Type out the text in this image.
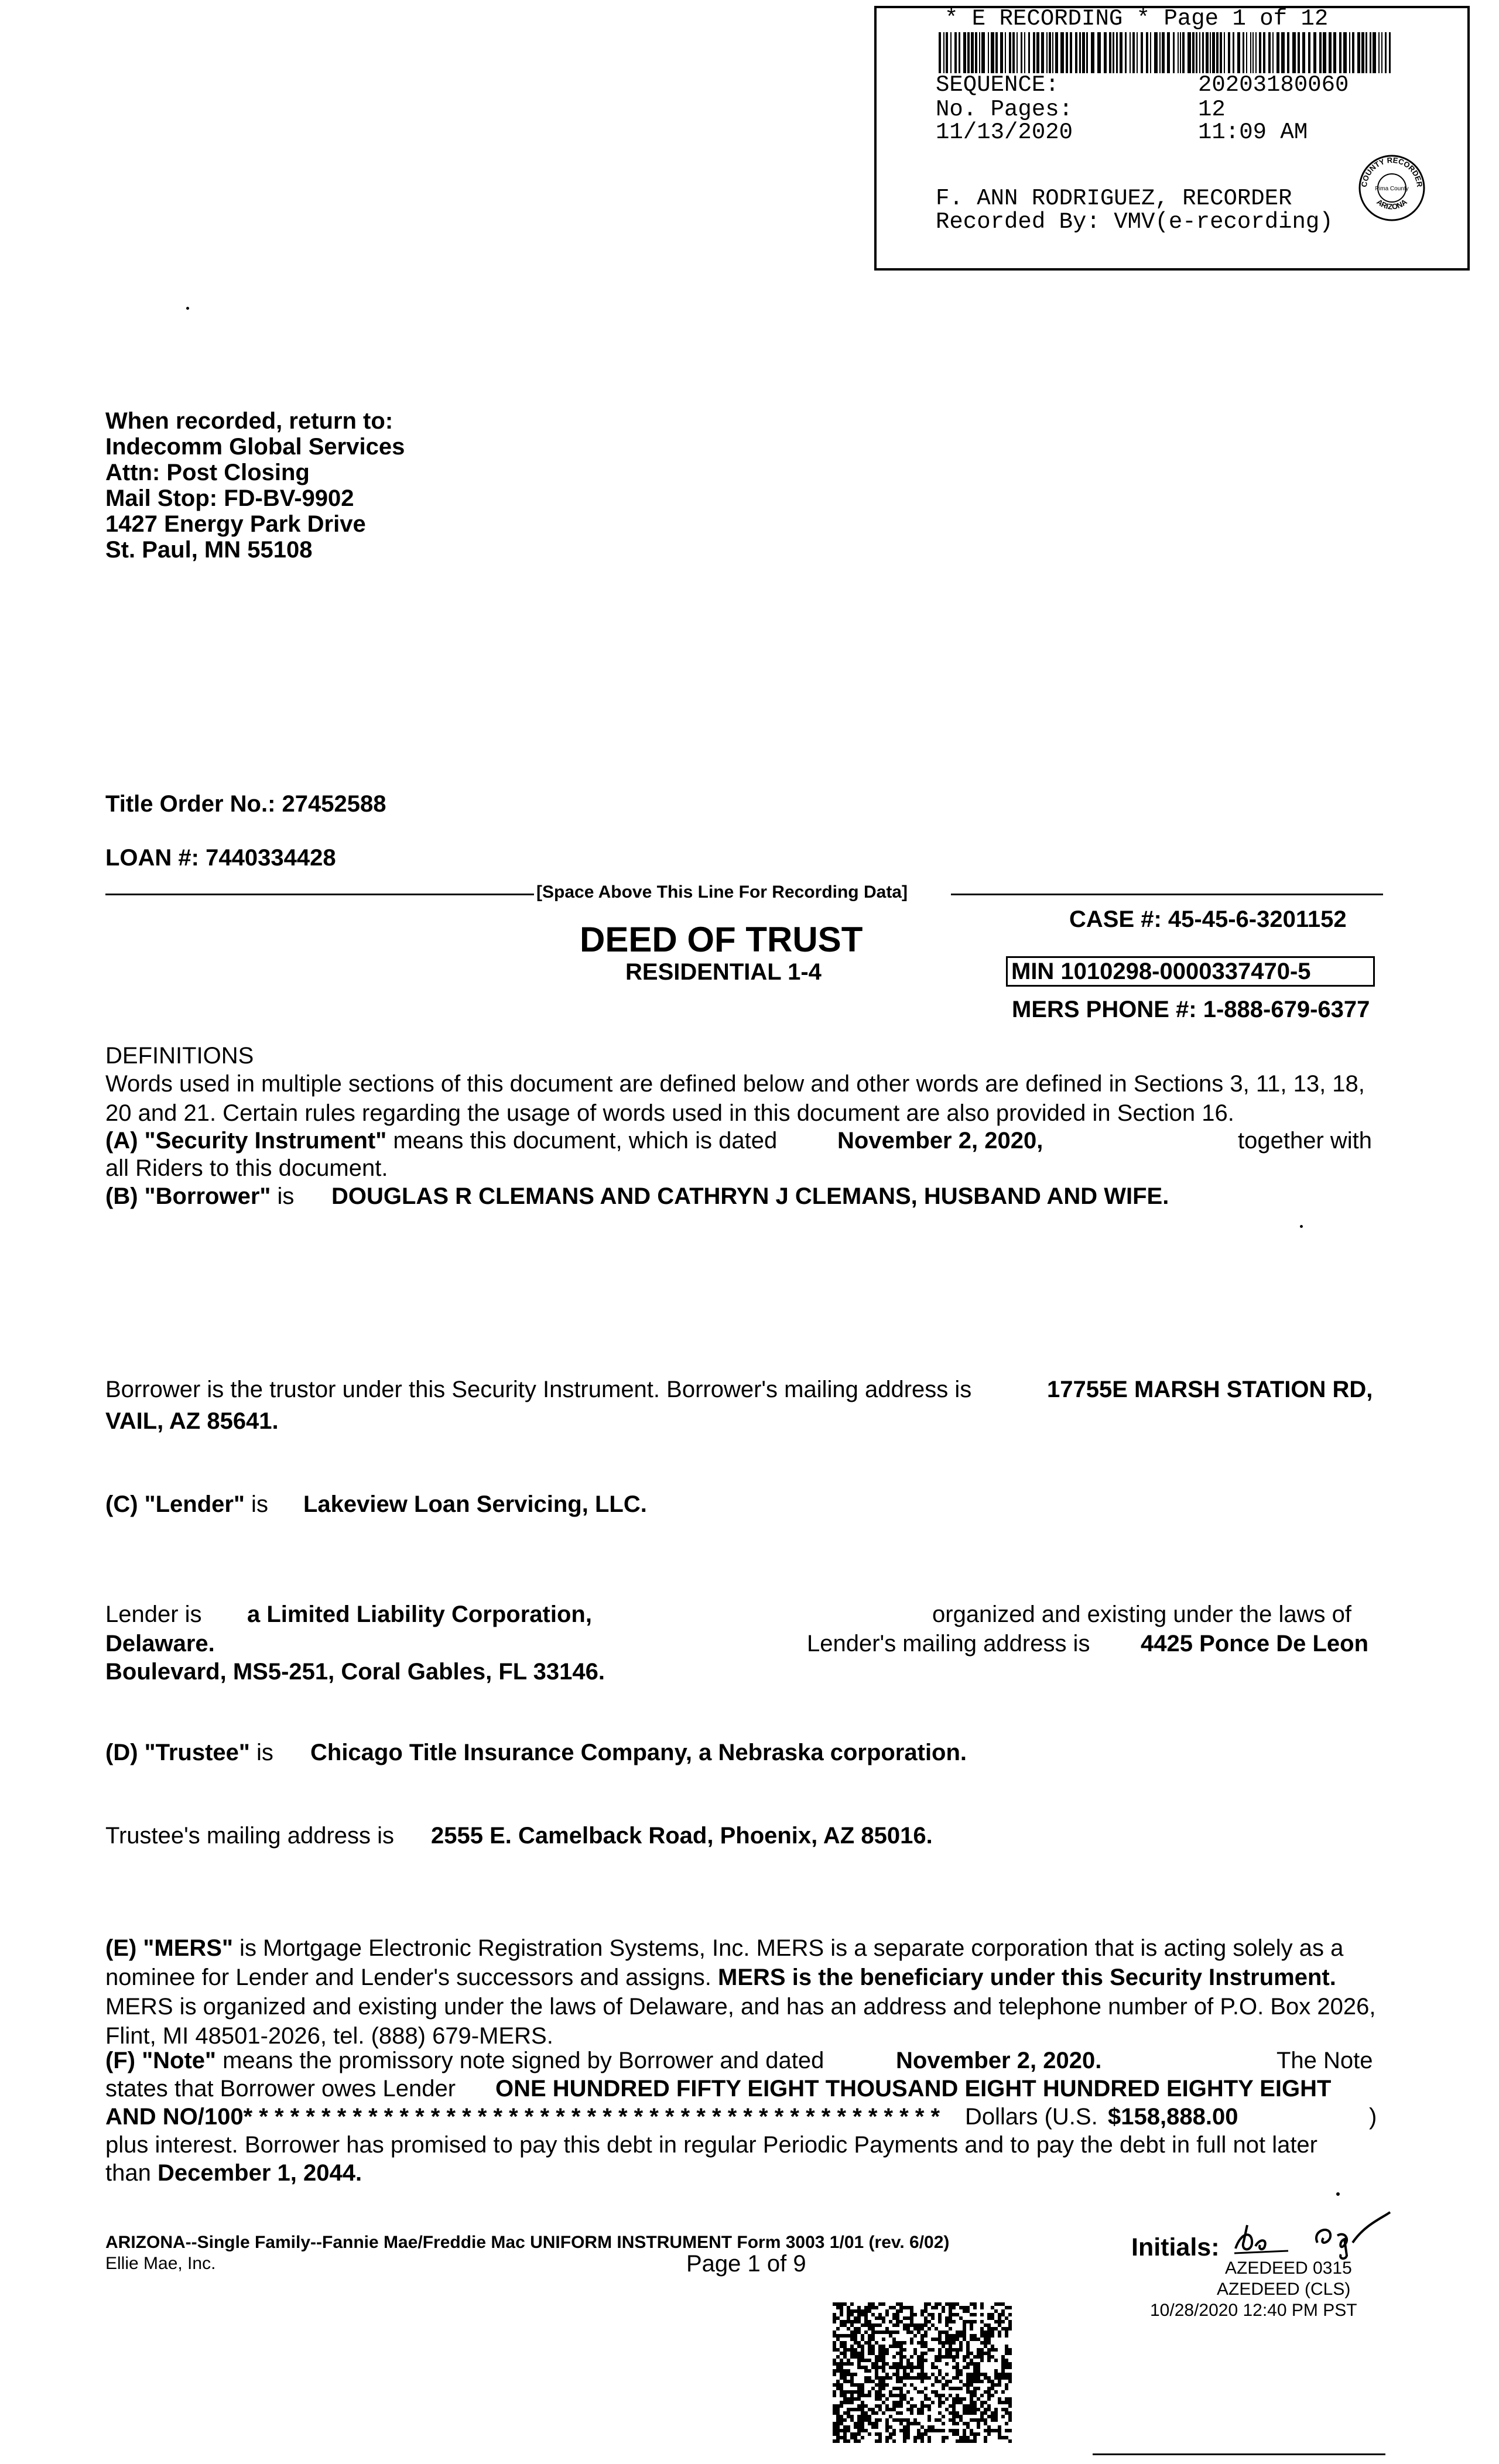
* E RECORDING * Page 1 of 12
SEQUENCE:	20203180060
No. Pages:	12
11/13/2020	11:09 AM
F. ANN RODRIGUEZ, RECORDER
Recorded By: VMV(e-recording)
COUNTY RECORDER
ARIZONA
Pima County
When recorded, return to:
Indecomm Global Services
Attn: Post Closing
Mail Stop: FD-BV-9902
1427 Energy Park Drive
St. Paul, MN 55108
Title Order No.: 27452588
LOAN #: 7440334428
[Space Above This Line For Recording Data]
CASE #: 45-45-6-3201152
DEED OF TRUST
RESIDENTIAL 1-4	MIN 1010298-0000337470-5
MERS PHONE #: 1-888-679-6377
DEFINITIONS
Words used in multiple sections of this document are defined below and other words are defined in Sections 3, 11, 13, 18, 20 and 21. Certain rules regarding the usage of words used in this document are also provided in Section 16.
(A) "Security Instrument" means this document, which is dated	November 2, 2020,	together with
all Riders to this document.
(B) "Borrower" is DOUGLAS R CLEMANS AND CATHRYN J CLEMANS, HUSBAND AND WIFE.
Borrower is the trustor under this Security Instrument. Borrower's mailing address is	17755E MARSH STATION RD,
VAIL, AZ 85641.
(C) "Lender" is Lakeview Loan Servicing, LLC.
Lender is a Limited Liability Corporation,	organized and existing under the laws of
Delaware.	Lender's mailing address is 4425 Ponce De Leon
Boulevard, MS5-251, Coral Gables, FL 33146.
(D) "Trustee" is Chicago Title Insurance Company, a Nebraska corporation.
Trustee's mailing address is 2555 E. Camelback Road, Phoenix, AZ 85016.
(E) "MERS" is Mortgage Electronic Registration Systems, Inc. MERS is a separate corporation that is acting solely as a nominee for Lender and Lender's successors and assigns. MERS is the beneficiary under this Security Instrument. MERS is organized and existing under the laws of Delaware, and has an address and telephone number of P.O. Box 2026, Flint, MI 48501-2026, tel. (888) 679-MERS.
(F) "Note" means the promissory note signed by Borrower and dated	November 2, 2020.	The Note
states that Borrower owes Lender ONE HUNDRED FIFTY EIGHT THOUSAND EIGHT HUNDRED EIGHTY EIGHT
AND NO/100* * * * * * * * * * * * * * * * * * * * * * * * * * * * * * * * * * * * * * * * * * * * * Dollars (U.S. $158,888.00	)
plus interest. Borrower has promised to pay this debt in regular Periodic Payments and to pay the debt in full not later
than December 1, 2044.
ARIZONA--Single Family--Fannie Mae/Freddie Mac UNIFORM INSTRUMENT Form 3003 1/01 (rev. 6/02)
Ellie Mae, Inc.	Page 1 of 9
Initials:
AZEDEED 0315
AZEDEED (CLS)
10/28/2020 12:40 PM PST
